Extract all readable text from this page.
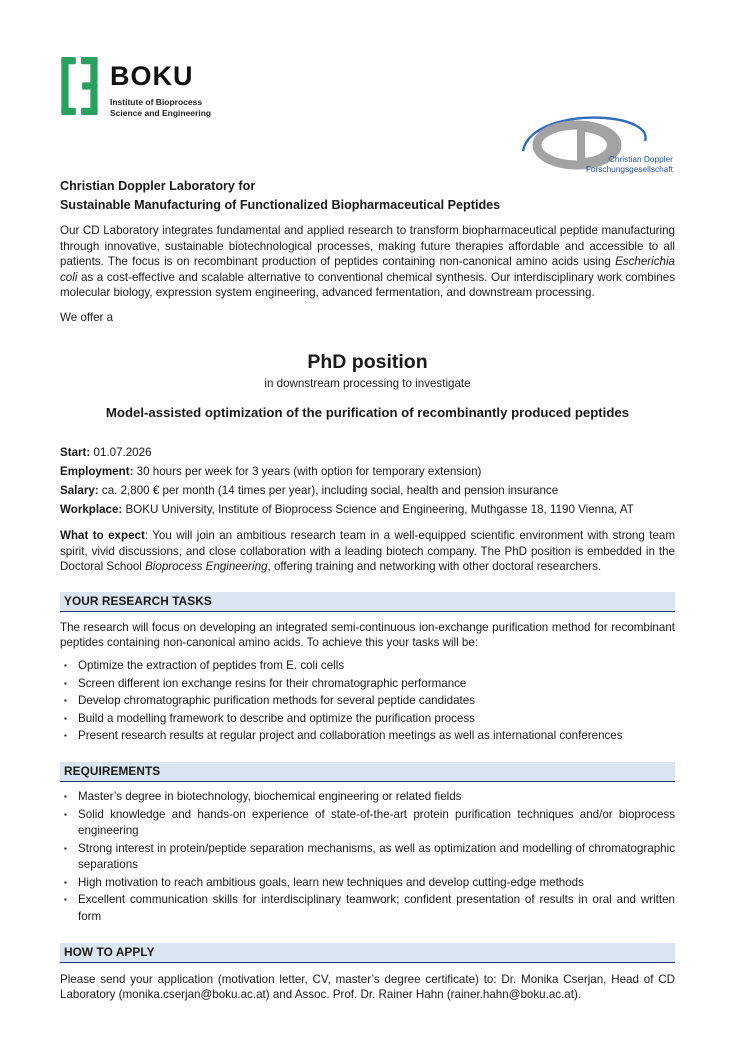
BOKU
Institute of Bioprocess
Science and Engineering
Christian Doppler
Forschungsgesellschaft
Christian Doppler Laboratory for
Sustainable Manufacturing of Functionalized Biopharmaceutical Peptides

Our CD Laboratory integrates fundamental and applied research to transform biopharmaceutical peptide manufacturing through innovative, sustainable biotechnological processes, making future therapies affordable and accessible to all patients. The focus is on recombinant production of peptides containing non-canonical amino acids using Escherichia coli as a cost-effective and scalable alternative to conventional chemical synthesis. Our interdisciplinary work combines molecular biology, expression system engineering, advanced fermentation, and downstream processing.

We offer a

PhD position
in downstream processing to investigate
Model-assisted optimization of the purification of recombinantly produced peptides
Start: 01.07.2026
Employment: 30 hours per week for 3 years (with option for temporary extension)
Salary: ca. 2,800 € per month (14 times per year), including social, health and pension insurance
Workplace: BOKU University, Institute of Bioprocess Science and Engineering, Muthgasse 18, 1190 Vienna, AT

What to expect: You will join an ambitious research team in a well-equipped scientific environment with strong team spirit, vivid discussions, and close collaboration with a leading biotech company. The PhD position is embedded in the Doctoral School Bioprocess Engineering, offering training and networking with other doctoral researchers.

YOUR RESEARCH TASKS

The research will focus on developing an integrated semi-continuous ion-exchange purification method for recombinant peptides containing non-canonical amino acids. To achieve this your tasks will be:

▪ Optimize the extraction of peptides from E. coli cells
▪ Screen different ion exchange resins for their chromatographic performance
▪ Develop chromatographic purification methods for several peptide candidates
▪ Build a modelling framework to describe and optimize the purification process
▪ Present research results at regular project and collaboration meetings as well as international conferences
REQUIREMENTS
▪ Master’s degree in biotechnology, biochemical engineering or related fields
▪ Solid knowledge and hands-on experience of state-of-the-art protein purification techniques and/or bioprocess engineering
▪ Strong interest in protein/peptide separation mechanisms, as well as optimization and modelling of chromatographic separations
▪ High motivation to reach ambitious goals, learn new techniques and develop cutting-edge methods
▪ Excellent communication skills for interdisciplinary teamwork; confident presentation of results in oral and written form
HOW TO APPLY

Please send your application (motivation letter, CV, master’s degree certificate) to: Dr. Monika Cserjan, Head of CD Laboratory (monika.cserjan@boku.ac.at) and Assoc. Prof. Dr. Rainer Hahn (rainer.hahn@boku.ac.at).
